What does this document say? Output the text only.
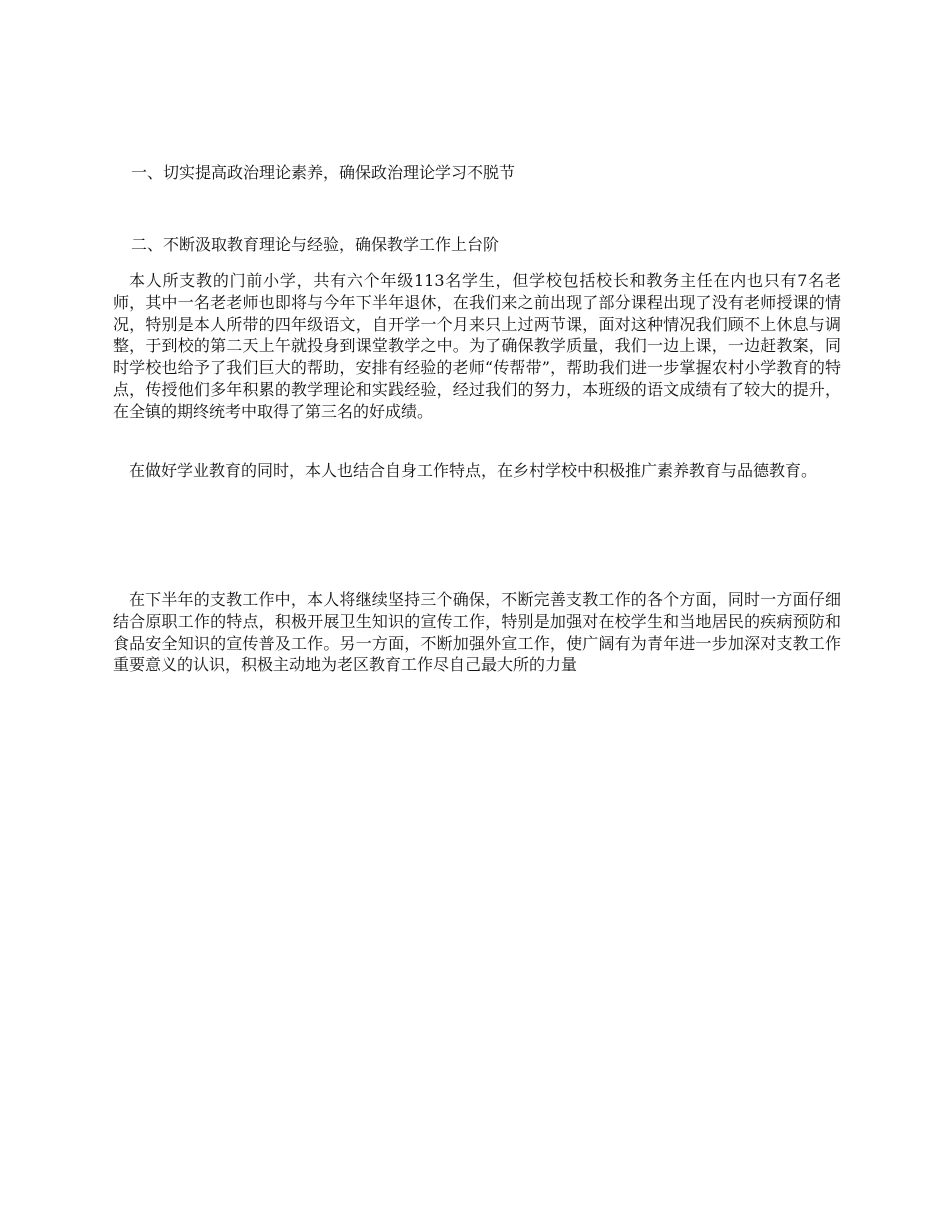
一、切实提高政治理论素养，确保政治理论学习不脱节
二、不断汲取教育理论与经验，确保教学工作上台阶

本人所支教的门前小学，共有六个年级113名学生，但学校包括校长和教务主任在内也只有7名老师，其中一名老老师也即将与今年下半年退休，在我们来之前出现了部分课程出现了没有老师授课的情况，特别是本人所带的四年级语文，自开学一个月来只上过两节课，面对这种情况我们顾不上休息与调整，于到校的第二天上午就投身到课堂教学之中。为了确保教学质量，我们一边上课，一边赶教案，同时学校也给予了我们巨大的帮助，安排有经验的老师“传帮带”，帮助我们进一步掌握农村小学教育的特点，传授他们多年积累的教学理论和实践经验，经过我们的努力，本班级的语文成绩有了较大的提升，在全镇的期终统考中取得了第三名的好成绩。

在做好学业教育的同时，本人也结合自身工作特点，在乡村学校中积极推广素养教育与品德教育。

在下半年的支教工作中，本人将继续坚持三个确保，不断完善支教工作的各个方面，同时一方面仔细结合原职工作的特点，积极开展卫生知识的宣传工作，特别是加强对在校学生和当地居民的疾病预防和食品安全知识的宣传普及工作。另一方面，不断加强外宣工作，使广阔有为青年进一步加深对支教工作重要意义的认识，积极主动地为老区教育工作尽自己最大所的力量
